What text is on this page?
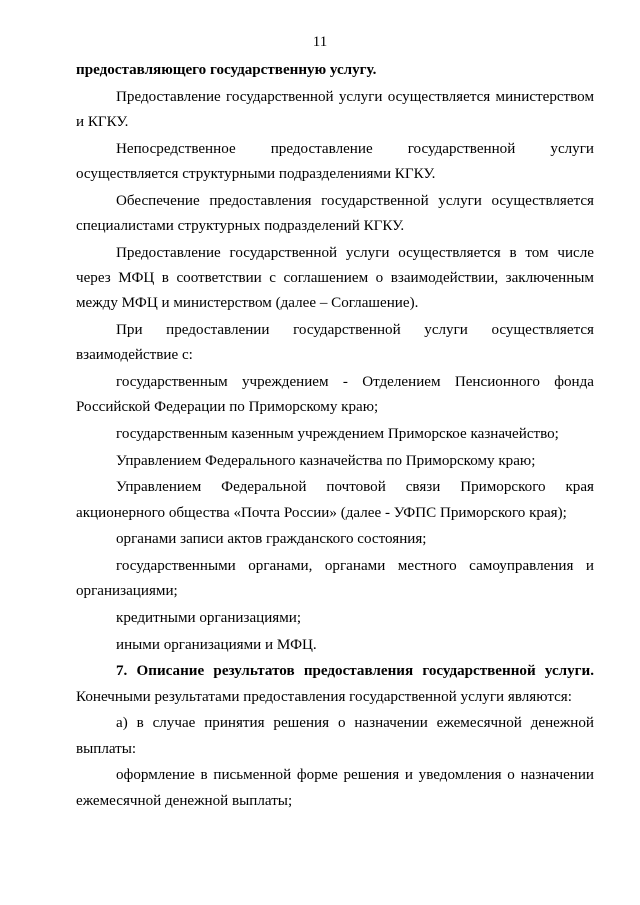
11

предоставляющего государственную услугу.

Предоставление государственной услуги осуществляется министерством и КГКУ.

Непосредственное предоставление государственной услуги осуществляется структурными подразделениями КГКУ.

Обеспечение предоставления государственной услуги осуществляется специалистами структурных подразделений КГКУ.

Предоставление государственной услуги осуществляется в том числе через МФЦ в соответствии с соглашением о взаимодействии, заключенным между МФЦ и министерством (далее – Соглашение).

При предоставлении государственной услуги осуществляется взаимодействие с:

государственным учреждением - Отделением Пенсионного фонда Российской Федерации по Приморскому краю;

государственным казенным учреждением Приморское казначейство;

Управлением Федерального казначейства по Приморскому краю;

Управлением Федеральной почтовой связи Приморского края акционерного общества «Почта России» (далее - УФПС Приморского края);

органами записи актов гражданского состояния;

государственными органами, органами местного самоуправления и организациями;

кредитными организациями;

иными организациями и МФЦ.

7. Описание результатов предоставления государственной услуги. Конечными результатами предоставления государственной услуги являются:

а) в случае принятия решения о назначении ежемесячной денежной выплаты:

оформление в письменной форме решения и уведомления о назначении ежемесячной денежной выплаты;
